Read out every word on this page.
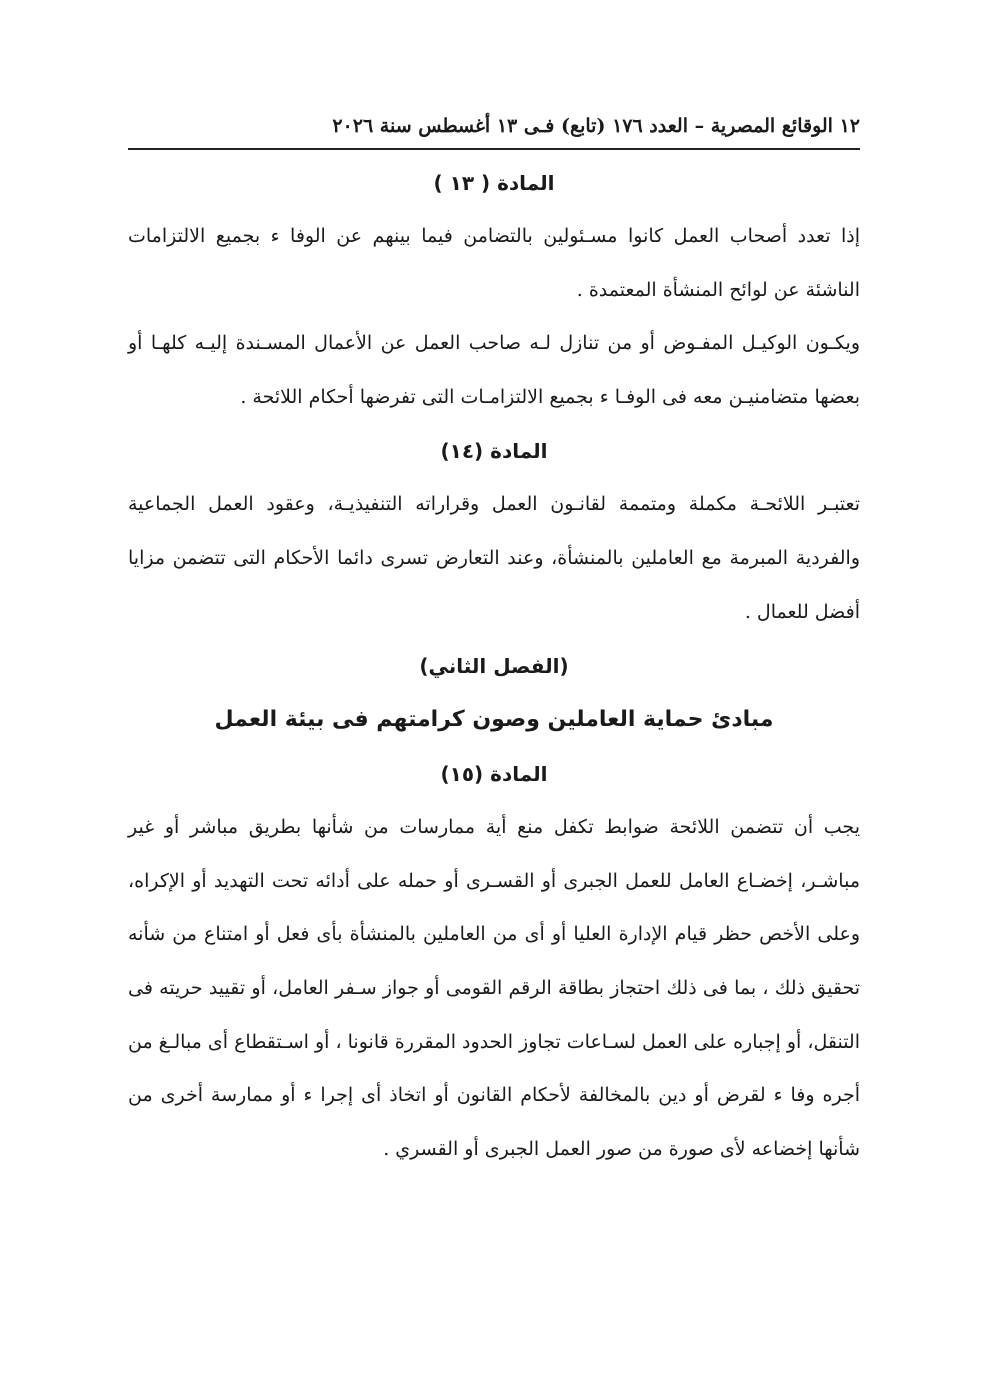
١٢ الوقائع المصرية – العدد ١٧٦ (تابع) فـى ١٣ أغسطس سنة ٢٠٢٦
المادة ( ١٣ )

إذا تعدد أصحاب العمل كانوا مسـئولين بالتضامن فيما بينهم عن الوفا ء بجميع الالتزامات الناشئة عن لوائح المنشأة المعتمدة .

ويكـون الوكيـل المفـوض أو من تنازل لـه صاحب العمل عن الأعمال المسـندة إليـه كلهـا أو بعضها متضامنيـن معه فى الوفـا ء بجميع الالتزامـات التى تفرضها أحكام اللائحة .

المادة (١٤)

تعتبـر اللائحـة مكملة ومتممة لقانـون العمل وقراراته التنفيذيـة، وعقود العمل الجماعية والفردية المبرمة مع العاملين بالمنشأة، وعند التعارض تسرى دائما الأحكام التى تتضمن مزايا أفضل للعمال .

(الفصل الثاني)
مبادئ حماية العاملين وصون كرامتهم فى بيئة العمل
المادة (١٥)

يجب أن تتضمن اللائحة ضوابط تكفل منع أية ممارسات من شأنها بطريق مباشر أو غير مباشـر، إخضـاع العامل للعمل الجبرى أو القسـرى أو حمله على أدائه تحت التهديد أو الإكراه، وعلى الأخص حظر قيام الإدارة العليا أو أى من العاملين بالمنشأة بأى فعل أو امتناع من شأنه تحقيق ذلك ، بما فى ذلك احتجاز بطاقة الرقم القومى أو جواز سـفر العامل، أو تقييد حريته فى التنقل، أو إجباره على العمل لسـاعات تجاوز الحدود المقررة قانونا ، أو اسـتقطاع أى مبالـغ من أجره وفا ء لقرض أو دين بالمخالفة لأحكام القانون أو اتخاذ أى إجرا ء أو ممارسة أخرى من شأنها إخضاعه لأى صورة من صور العمل الجبرى أو القسري .
